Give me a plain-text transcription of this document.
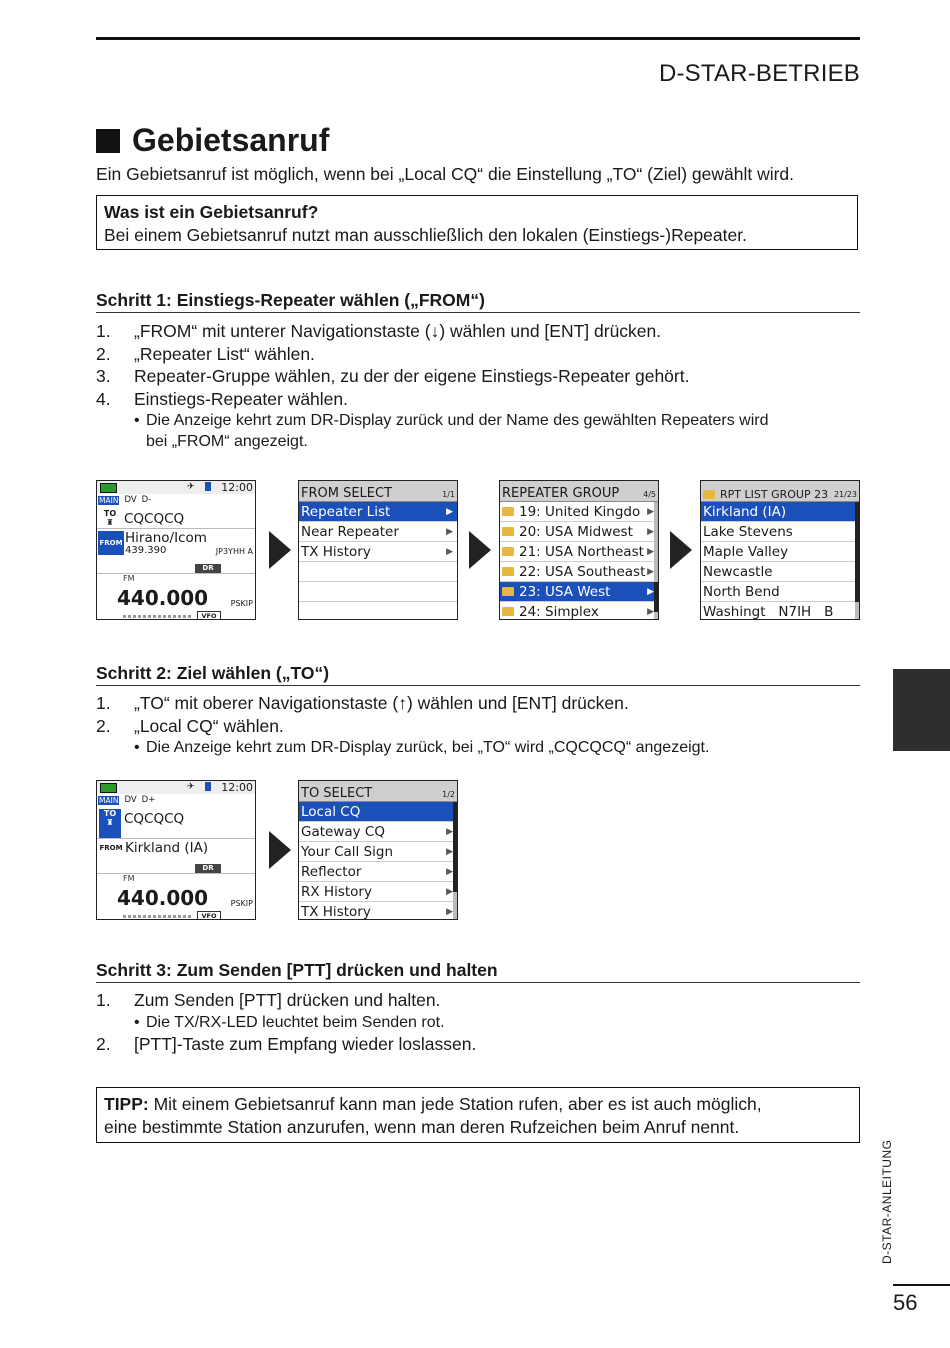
D-STAR-BETRIEB
Gebietsanruf
Ein Gebietsanruf ist möglich, wenn bei „Local CQ“ die Einstellung „TO“ (Ziel) gewählt wird.
Was ist ein Gebietsanruf?
Bei einem Gebietsanruf nutzt man ausschließlich den lokalen (Einstiegs-)Repeater.
Schritt 1: Einstiegs-Repeater wählen („FROM“)
1.	„FROM“ mit unterer Navigationstaste (↓) wählen und [ENT] drücken.
2.	„Repeater List“ wählen.
3.	Repeater-Gruppe wählen, zu der der eigene Einstiegs-Repeater gehört.
4.	Einstiegs-Repeater wählen.
• Die Anzeige kehrt zum DR-Display zurück und der Name des gewählten Repeaters wird
bei „FROM“ angezeigt.
✈ 12:00
MAIN DV D-
TO
♜ CQCQCQ
FROM Hirano/Icom
439.390	JP3YHH A
DR
FM
440.000	PSKIP
VFO
FROM SELECT	1/1
Repeater List	▶
Near Repeater	▶
TX History	▶
REPEATER GROUP	4/5
19: United Kingdo ▶
20: USA Midwest ▶
21: USA Northeast ▶
22: USA Southeast ▶
23: USA West	▶
24: Simplex	▶
RPT LIST GROUP 23 21/23
Kirkland (IA)
Lake Stevens
Maple Valley
Newcastle
North Bend
Washingt   N7IH   B
Schritt 2: Ziel wählen („TO“)
1.	„TO“ mit oberer Navigationstaste (↑) wählen und [ENT] drücken.
2.	„Local CQ“ wählen.
• Die Anzeige kehrt zum DR-Display zurück, bei „TO“ wird „CQCQCQ“ angezeigt.
✈ 12:00
MAIN DV D+
TO
♜ CQCQCQ
FROM Kirkland (IA)
DR
FM
440.000	PSKIP
VFO
TO SELECT	1/2
Local CQ
Gateway CQ	▶
Your Call Sign	▶
Reflector	▶
RX History	▶
TX History	▶
Schritt 3: Zum Senden [PTT] drücken und halten
1.	Zum Senden [PTT] drücken und halten.
• Die TX/RX-LED leuchtet beim Senden rot.
2.	[PTT]-Taste zum Empfang wieder loslassen.
TIPP: Mit einem Gebietsanruf kann man jede Station rufen, aber es ist auch möglich,
eine bestimmte Station anzurufen, wenn man deren Rufzeichen beim Anruf nennt.
D-STAR-ANLEITUNG
56
